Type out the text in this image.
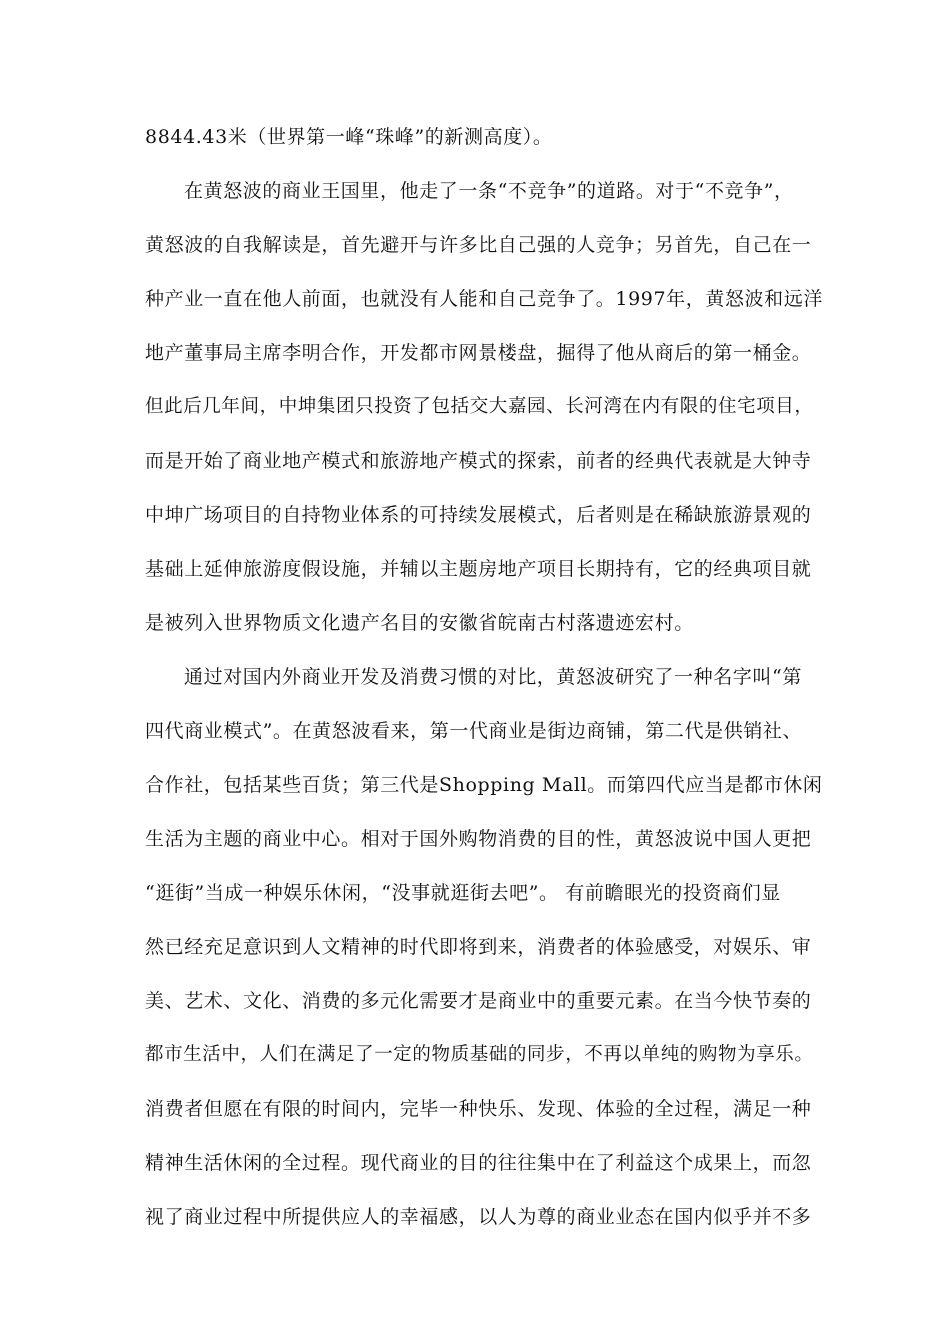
8844.43米（世界第一峰“珠峰”的新测高度）。
在黄怒波的商业王国里，他走了一条“不竞争”的道路。对于“不竞争”，
黄怒波的自我解读是，首先避开与许多比自己强的人竞争；另首先，自己在一
种产业一直在他人前面，也就没有人能和自己竞争了。1997年，黄怒波和远洋
地产董事局主席李明合作，开发都市网景楼盘，掘得了他从商后的第一桶金。
但此后几年间，中坤集团只投资了包括交大嘉园、长河湾在内有限的住宅项目，
而是开始了商业地产模式和旅游地产模式的探索，前者的经典代表就是大钟寺
中坤广场项目的自持物业体系的可持续发展模式，后者则是在稀缺旅游景观的
基础上延伸旅游度假设施，并辅以主题房地产项目长期持有，它的经典项目就
是被列入世界物质文化遗产名目的安徽省皖南古村落遗迹宏村。
通过对国内外商业开发及消费习惯的对比，黄怒波研究了一种名字叫“第
四代商业模式”。在黄怒波看来，第一代商业是街边商铺，第二代是供销社、
合作社，包括某些百货；第三代是Shopping Mall。而第四代应当是都市休闲
生活为主题的商业中心。相对于国外购物消费的目的性，黄怒波说中国人更把
“逛街”当成一种娱乐休闲，“没事就逛街去吧”。 有前瞻眼光的投资商们显
然已经充足意识到人文精神的时代即将到来，消费者的体验感受，对娱乐、审
美、艺术、文化、消费的多元化需要才是商业中的重要元素。在当今快节奏的
都市生活中，人们在满足了一定的物质基础的同步，不再以单纯的购物为享乐。
消费者但愿在有限的时间内，完毕一种快乐、发现、体验的全过程，满足一种
精神生活休闲的全过程。现代商业的目的往往集中在了利益这个成果上，而忽
视了商业过程中所提供应人的幸福感，以人为尊的商业业态在国内似乎并不多
